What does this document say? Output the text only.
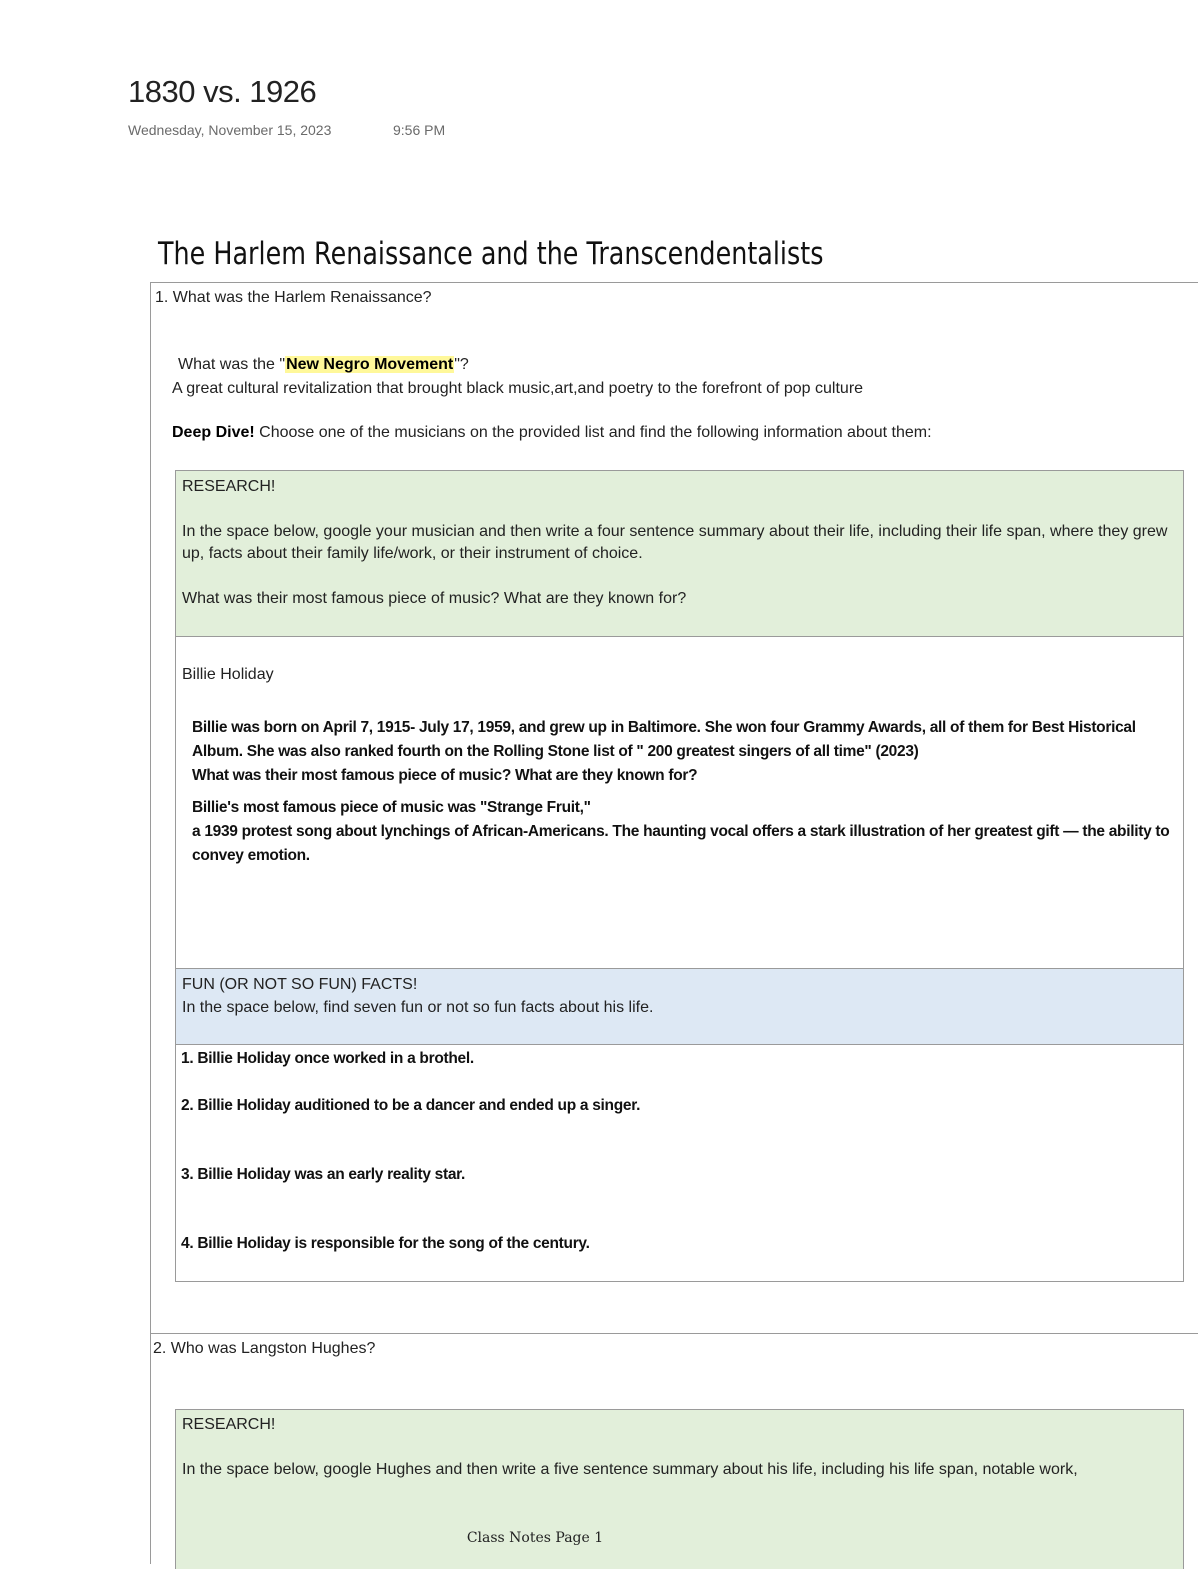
1830 vs. 1926
Wednesday, November 15, 2023	9:56 PM
The Harlem Renaissance and the Transcendentalists
1. What was the Harlem Renaissance?
What was the "New Negro Movement"?
A great cultural revitalization that brought black music,art,and poetry to the forefront of pop culture
Deep Dive! Choose one of the musicians on the provided list and find the following information about them:
RESEARCH!
In the space below, google your musician and then write a four sentence summary about their life, including their life span, where they grew up, facts about their family life/work, or their instrument of choice.
What was their most famous piece of music? What are they known for?
Billie Holiday
Billie was born on April 7, 1915- July 17, 1959, and grew up in Baltimore. She won four Grammy Awards, all of them for Best Historical Album. She was also ranked fourth on the Rolling Stone list of " 200 greatest singers of all time" (2023)
What was their most famous piece of music? What are they known for?
Billie's most famous piece of music was "Strange Fruit,"
a 1939 protest song about lynchings of African-Americans. The haunting vocal offers a stark illustration of her greatest gift — the ability to convey emotion.
FUN (OR NOT SO FUN) FACTS!
In the space below, find seven fun or not so fun facts about his life.
1. Billie Holiday once worked in a brothel.
2. Billie Holiday auditioned to be a dancer and ended up a singer.
3. Billie Holiday was an early reality star.
4. Billie Holiday is responsible for the song of the century.
2. Who was Langston Hughes?
RESEARCH!
In the space below, google Hughes and then write a five sentence summary about his life, including his life span, notable work,
Class Notes Page 1
